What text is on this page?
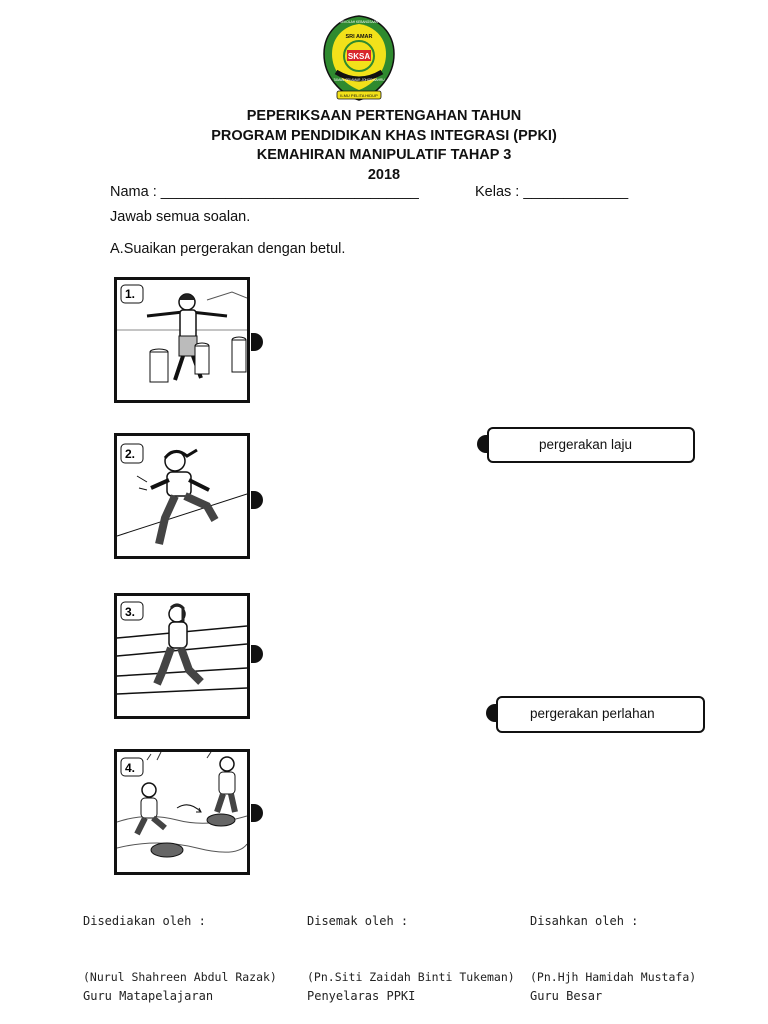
SKSA
SRI AMAR
SEKOLAH KEBANGSAAN
TAMAN SRI AMAR JOHOR BAHRU
ILMU PELITA HIDUP
PEPERIKSAAN PERTENGAHAN TAHUN
PROGRAM PENDIDIKAN KHAS INTEGRASI (PPKI)
KEMAHIRAN MANIPULATIF TAHAP 3
2018
Nama : ________________________________	Kelas : _____________
Jawab semua soalan.
A.Suaikan pergerakan dengan betul.
1.
2.
3.
4.
pergerakan laju
pergerakan perlahan
Disediakan oleh :	Disemak oleh :	Disahkan oleh :
(Nurul Shahreen Abdul Razak)	(Pn.Siti Zaidah Binti Tukeman) (Pn.Hjh Hamidah Mustafa)
Guru Matapelajaran	Penyelaras PPKI	Guru Besar
